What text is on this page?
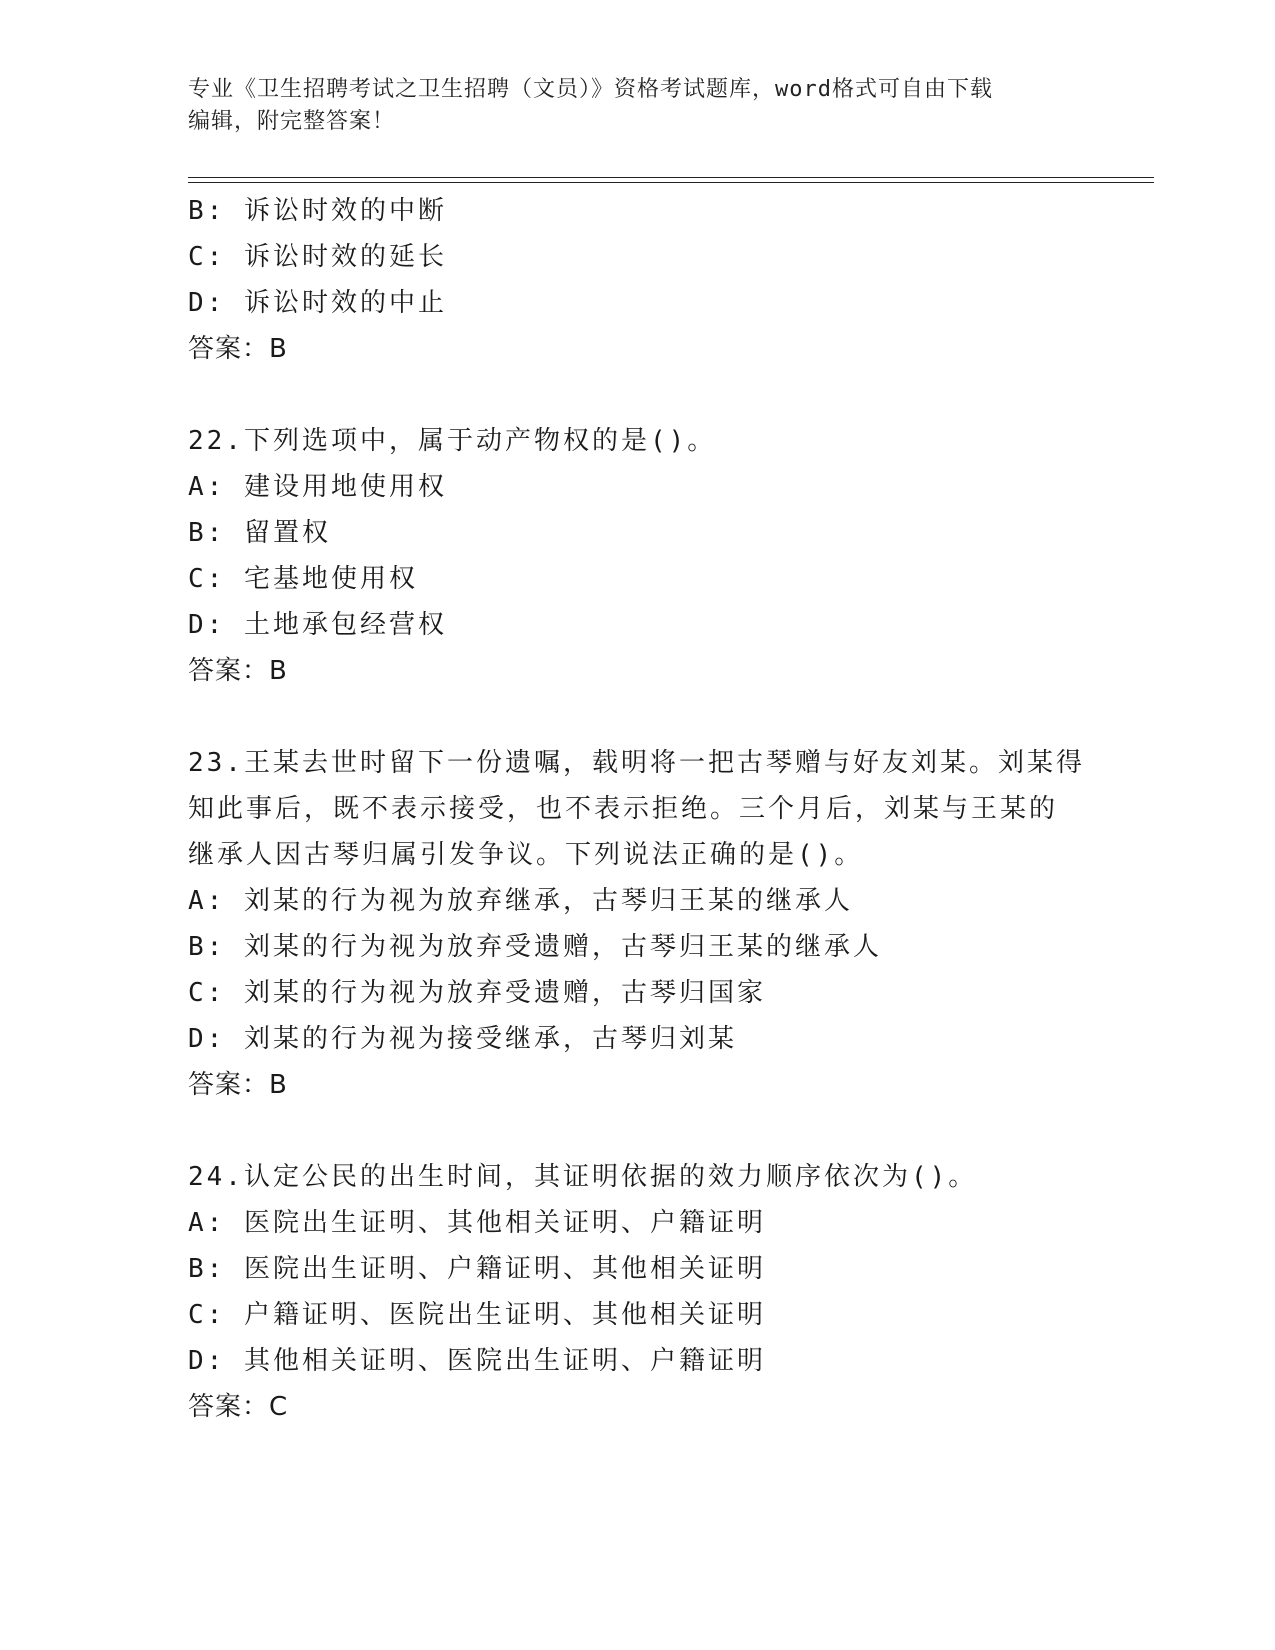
专业《卫生招聘考试之卫生招聘（文员）》资格考试题库，word格式可自由下载
编辑，附完整答案！
B: 诉讼时效的中断
C: 诉讼时效的延长
D: 诉讼时效的中止
答案：B
22.下列选项中，属于动产物权的是()。
A: 建设用地使用权
B: 留置权
C: 宅基地使用权
D: 土地承包经营权
答案：B
23.王某去世时留下一份遗嘱，载明将一把古琴赠与好友刘某。刘某得
知此事后，既不表示接受，也不表示拒绝。三个月后，刘某与王某的
继承人因古琴归属引发争议。下列说法正确的是()。
A: 刘某的行为视为放弃继承，古琴归王某的继承人
B: 刘某的行为视为放弃受遗赠，古琴归王某的继承人
C: 刘某的行为视为放弃受遗赠，古琴归国家
D: 刘某的行为视为接受继承，古琴归刘某
答案：B
24.认定公民的出生时间，其证明依据的效力顺序依次为()。
A: 医院出生证明、其他相关证明、户籍证明
B: 医院出生证明、户籍证明、其他相关证明
C: 户籍证明、医院出生证明、其他相关证明
D: 其他相关证明、医院出生证明、户籍证明
答案：C
